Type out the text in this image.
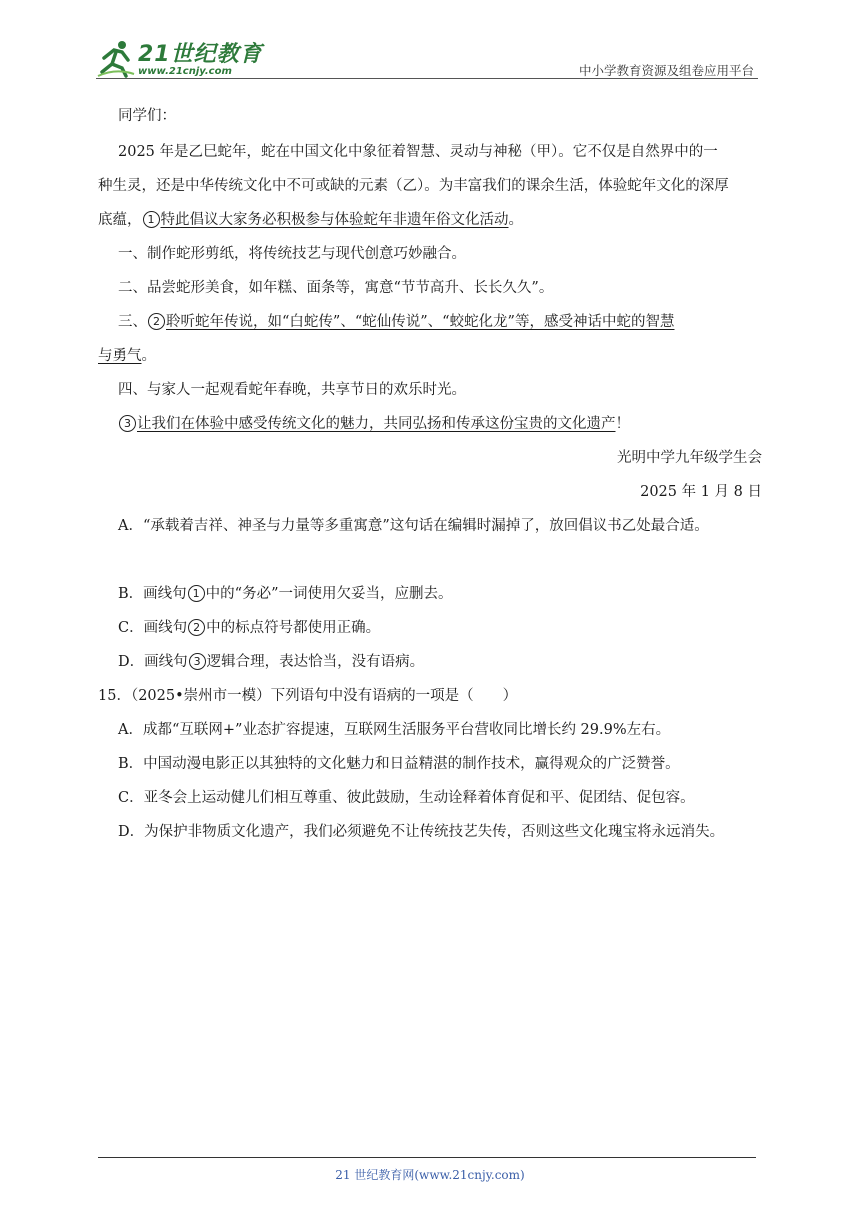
21世纪教育
www.21cnjy.com	中小学教育资源及组卷应用平台
同学们：
2025 年是乙巳蛇年，蛇在中国文化中象征着智慧、灵动与神秘（甲）。它不仅是自然界中的一
种生灵，还是中华传统文化中不可或缺的元素（乙）。为丰富我们的课余生活，体验蛇年文化的深厚
底蕴， 1 特此倡议大家务必积极参与体验蛇年非遗年俗文化活动。
一、制作蛇形剪纸，将传统技艺与现代创意巧妙融合。
二、品尝蛇形美食，如年糕、面条等，寓意“节节高升、长长久久”。
三、 2 聆听蛇年传说，如“白蛇传”、“蛇仙传说”、“蛟蛇化龙”等，感受神话中蛇的智慧
与勇气。
四、与家人一起观看蛇年春晚，共享节日的欢乐时光。
3 让我们在体验中感受传统文化的魅力，共同弘扬和传承这份宝贵的文化遗产！
光明中学九年级学生会
2025 年 1 月 8 日
A．“承载着吉祥、神圣与力量等多重寓意”这句话在编辑时漏掉了，放回倡议书乙处最合适。
B．画线句 1 中的“务必”一词使用欠妥当，应删去。
C．画线句 2 中的标点符号都使用正确。
D．画线句 3 逻辑合理，表达恰当，没有语病。
15．（2025•崇州市一模）下列语句中没有语病的一项是（　　）
A．成都“互联网+”业态扩容提速，互联网生活服务平台营收同比增长约 29.9%左右。
B．中国动漫电影正以其独特的文化魅力和日益精湛的制作技术，赢得观众的广泛赞誉。
C．亚冬会上运动健儿们相互尊重、彼此鼓励，生动诠释着体育促和平、促团结、促包容。
D．为保护非物质文化遗产，我们必须避免不让传统技艺失传，否则这些文化瑰宝将永远消失。
21 世纪教育网(www.21cnjy.com)
